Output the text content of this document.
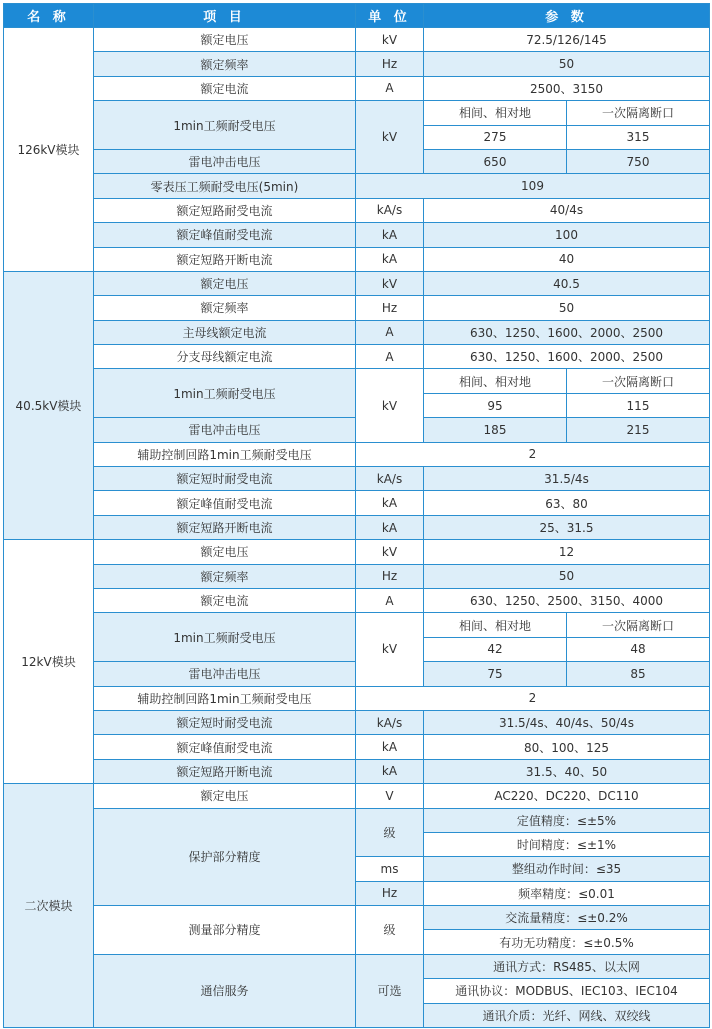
名 称	项 目	单 位	参 数	
126kV模块	额定电压	kV	72.5/126/145	
	额定频率	Hz	50	
	额定电流	A	2500、3150	
	1min工频耐受电压	kV	相间、相对地	一次隔离断口
			275	315
	雷电冲击电压		650	750
	零表压工频耐受电压(5min)	109		
	额定短路耐受电流	kA/s	40/4s	
	额定峰值耐受电流	kA	100	
	额定短路开断电流	kA	40	
40.5kV模块	额定电压	kV	40.5	
	额定频率	Hz	50	
	主母线额定电流	A	630、1250、1600、2000、2500	
	分支母线额定电流	A	630、1250、1600、2000、2500	
	1min工频耐受电压	kV	相间、相对地	一次隔离断口
			95	115
	雷电冲击电压		185	215
	辅助控制回路1min工频耐受电压	2		
	额定短时耐受电流	kA/s	31.5/4s	
	额定峰值耐受电流	kA	63、80	
	额定短路开断电流	kA	25、31.5	
12kV模块	额定电压	kV	12	
	额定频率	Hz	50	
	额定电流	A	630、1250、2500、3150、4000	
	1min工频耐受电压	kV	相间、相对地	一次隔离断口
			42	48
	雷电冲击电压		75	85
	辅助控制回路1min工频耐受电压	2		
	额定短时耐受电流	kA/s	31.5/4s、40/4s、50/4s	
	额定峰值耐受电流	kA	80、100、125	
	额定短路开断电流	kA	31.5、40、50	
二次模块	额定电压	V	AC220、DC220、DC110	
	保护部分精度	级	定值精度：≤±5%	
			时间精度：≤±1%	
		ms	整组动作时间：≤35	
		Hz	频率精度：≤0.01	
	测量部分精度	级	交流量精度：≤±0.2%	
			有功无功精度：≤±0.5%	
	通信服务	可选	通讯方式：RS485、以太网	
			通讯协议：MODBUS、IEC103、IEC104	
			通讯介质：光纤、网线、双绞线	
